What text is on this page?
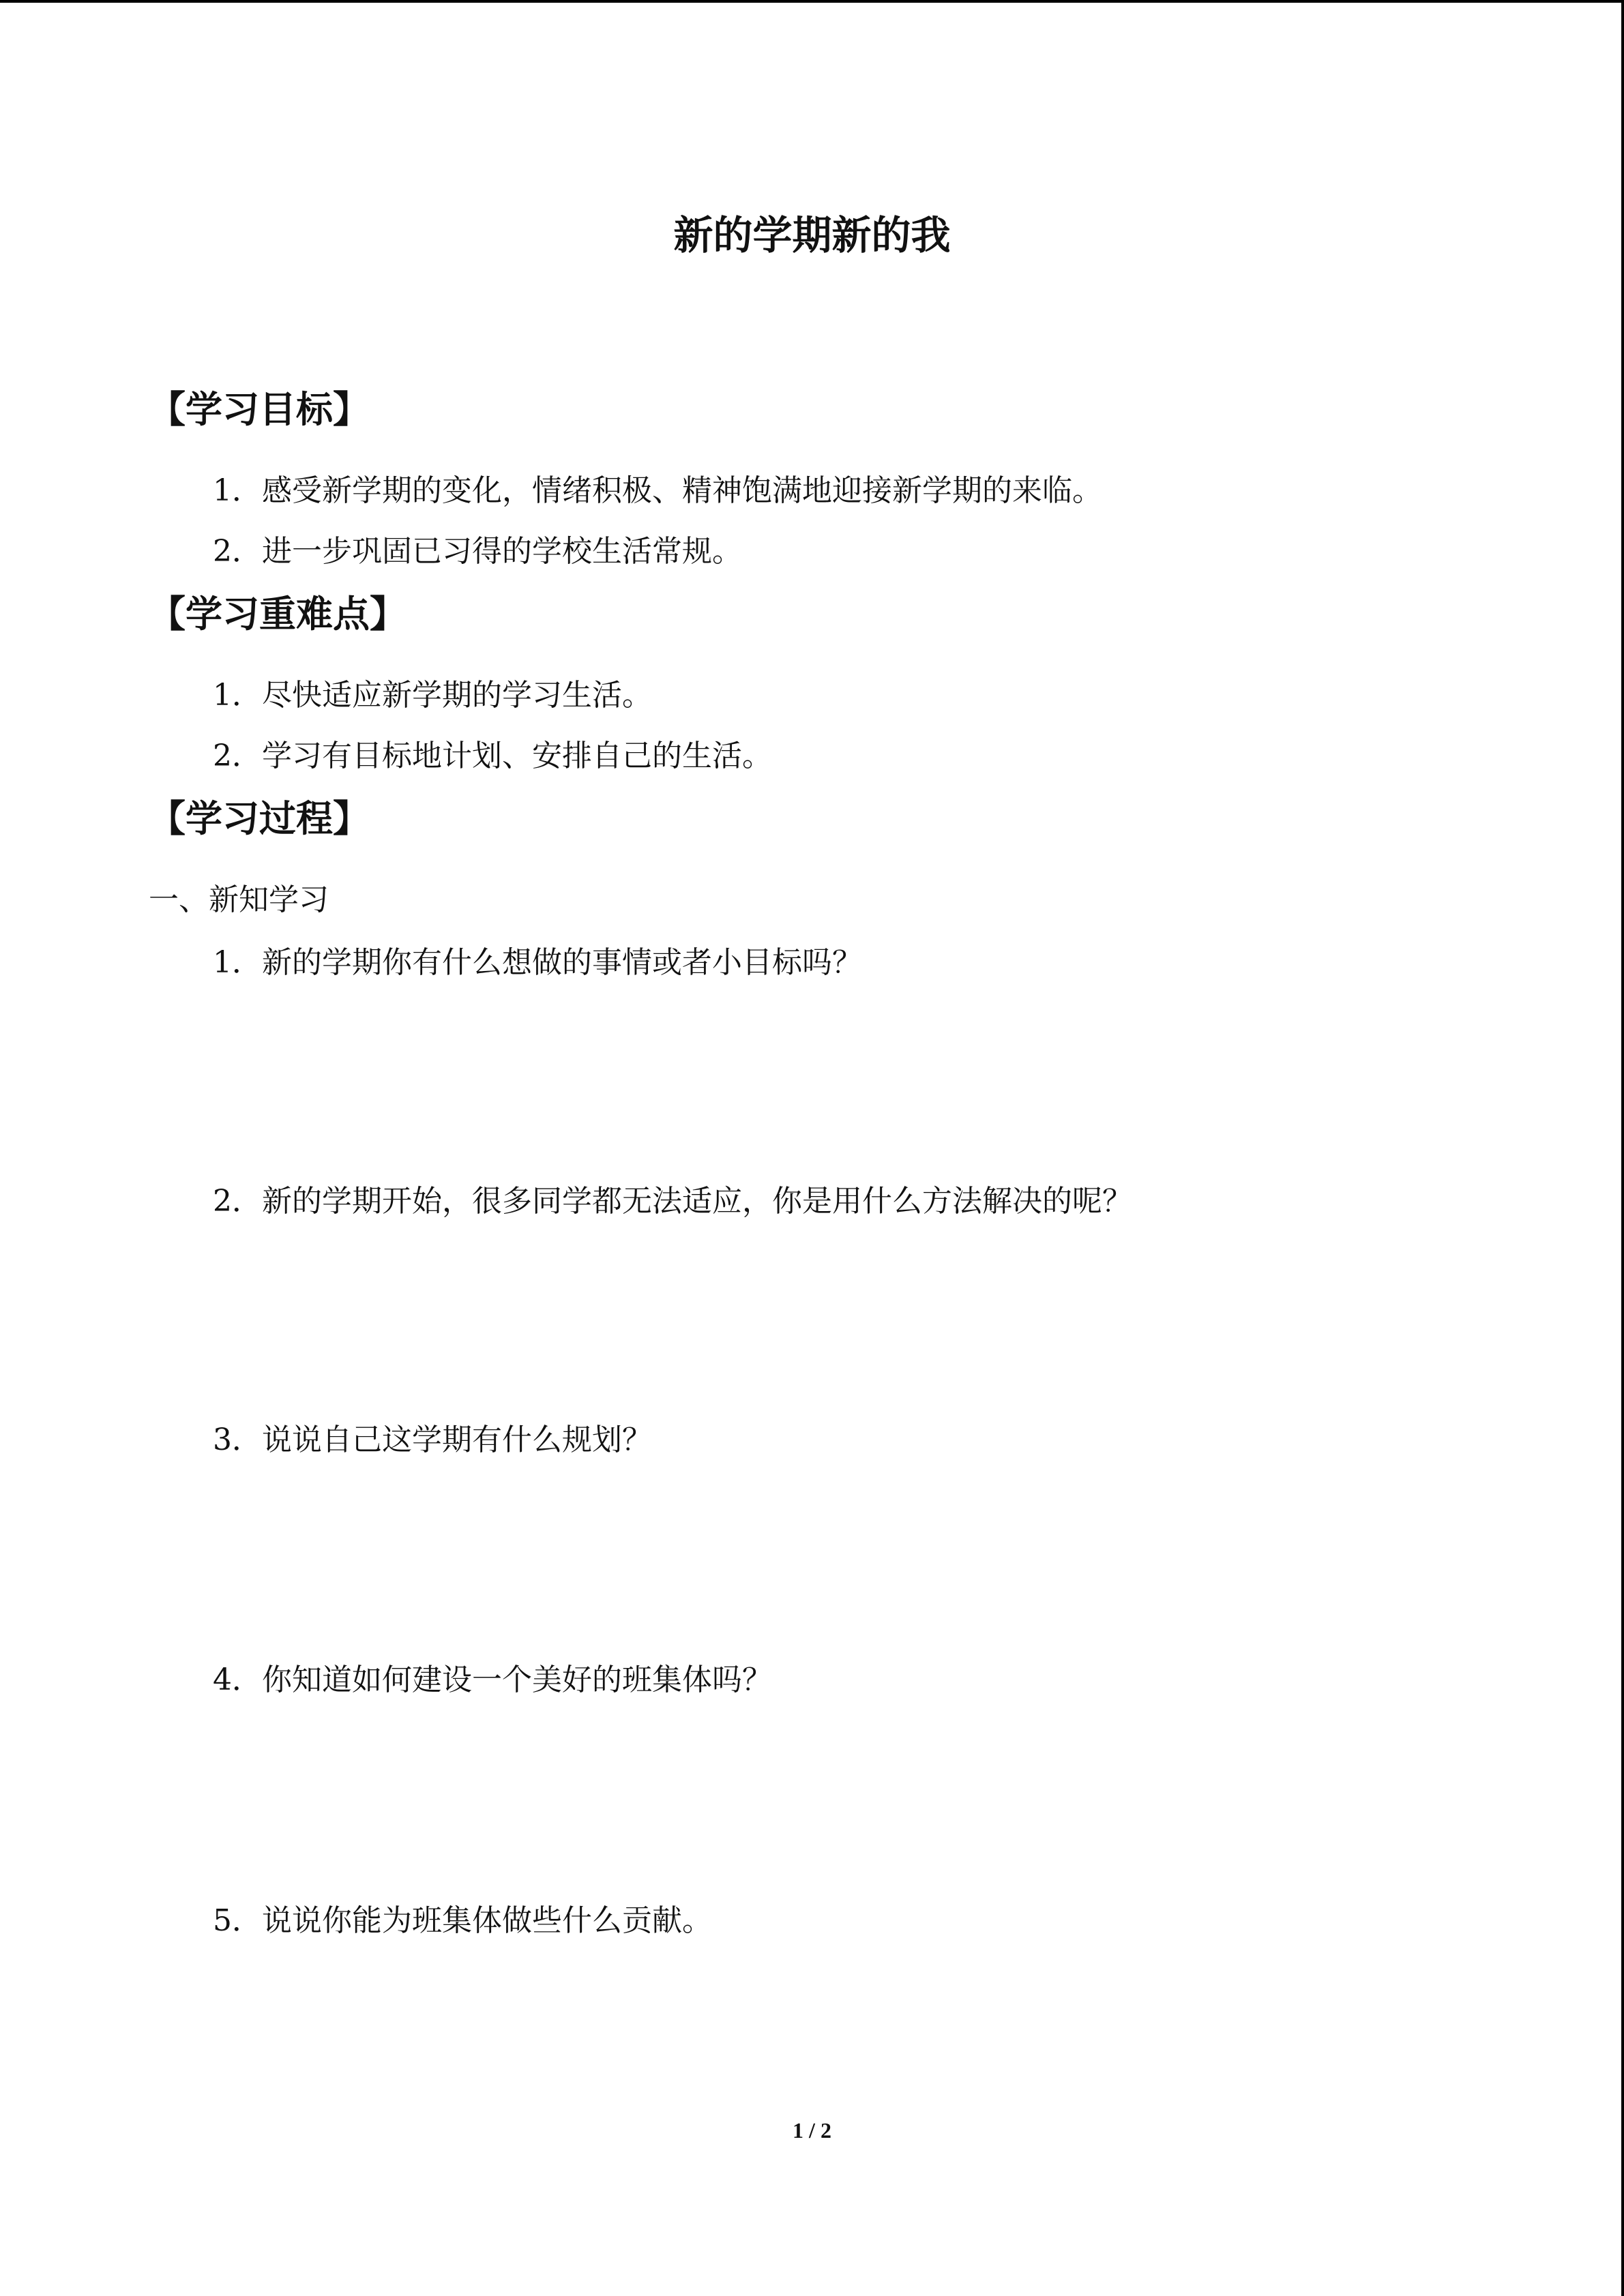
新的学期新的我
【学习目标】
1．感受新学期的变化，情绪积极、精神饱满地迎接新学期的来临。
2．进一步巩固已习得的学校生活常规。
【学习重难点】
1．尽快适应新学期的学习生活。
2．学习有目标地计划、安排自己的生活。
【学习过程】
一、新知学习
1．新的学期你有什么想做的事情或者小目标吗？
2．新的学期开始，很多同学都无法适应，你是用什么方法解决的呢？
3．说说自己这学期有什么规划？
4．你知道如何建设一个美好的班集体吗？
5．说说你能为班集体做些什么贡献。
1 / 2
